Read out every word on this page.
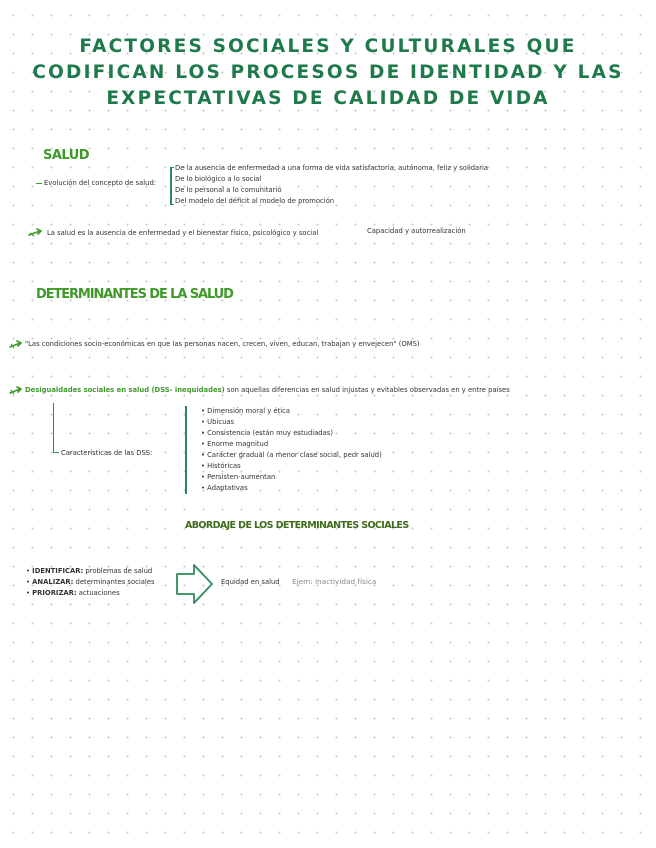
FACTORES SOCIALES Y CULTURALES QUE
CODIFICAN LOS PROCESOS DE IDENTIDAD Y LAS
EXPECTATIVAS DE CALIDAD DE VIDA
SALUD
Evolución del concepto de salud:
De la ausencia de enfermedad a una forma de vida satisfactoria, autónoma, feliz y solidaria
De lo biológico a lo social
De lo personal a lo comunitario
Del modelo del déficit al modelo de promoción
La salud es la ausencia de enfermedad y el bienestar físico, psicológico y social	Capacidad y autorrealización
DETERMINANTES DE LA SALUD
"Las condiciones socio-económicas en que las personas nacen, crecen, viven, educan, trabajan y envejecen" (OMS)
Desigualdades sociales en salud (DSS- inequidades) son aquellas diferencias en salud injustas y evitables observadas en y entre países
Características de las DSS:
• Dimensión moral y ética
• Ubicuas
• Consistencia (están muy estudiadas)
• Enorme magnitud
• Carácter gradual (a menor clase social, peor salud)
• Históricas
• Persisten-aumentan
• Adaptativas
ABORDAJE DE LOS DETERMINANTES SOCIALES
• IDENTIFICAR: problemas de salud
• ANALIZAR: determinantes sociales
• PRIORIZAR: actuaciones
Equidad en salud Ejem: inactividad física
